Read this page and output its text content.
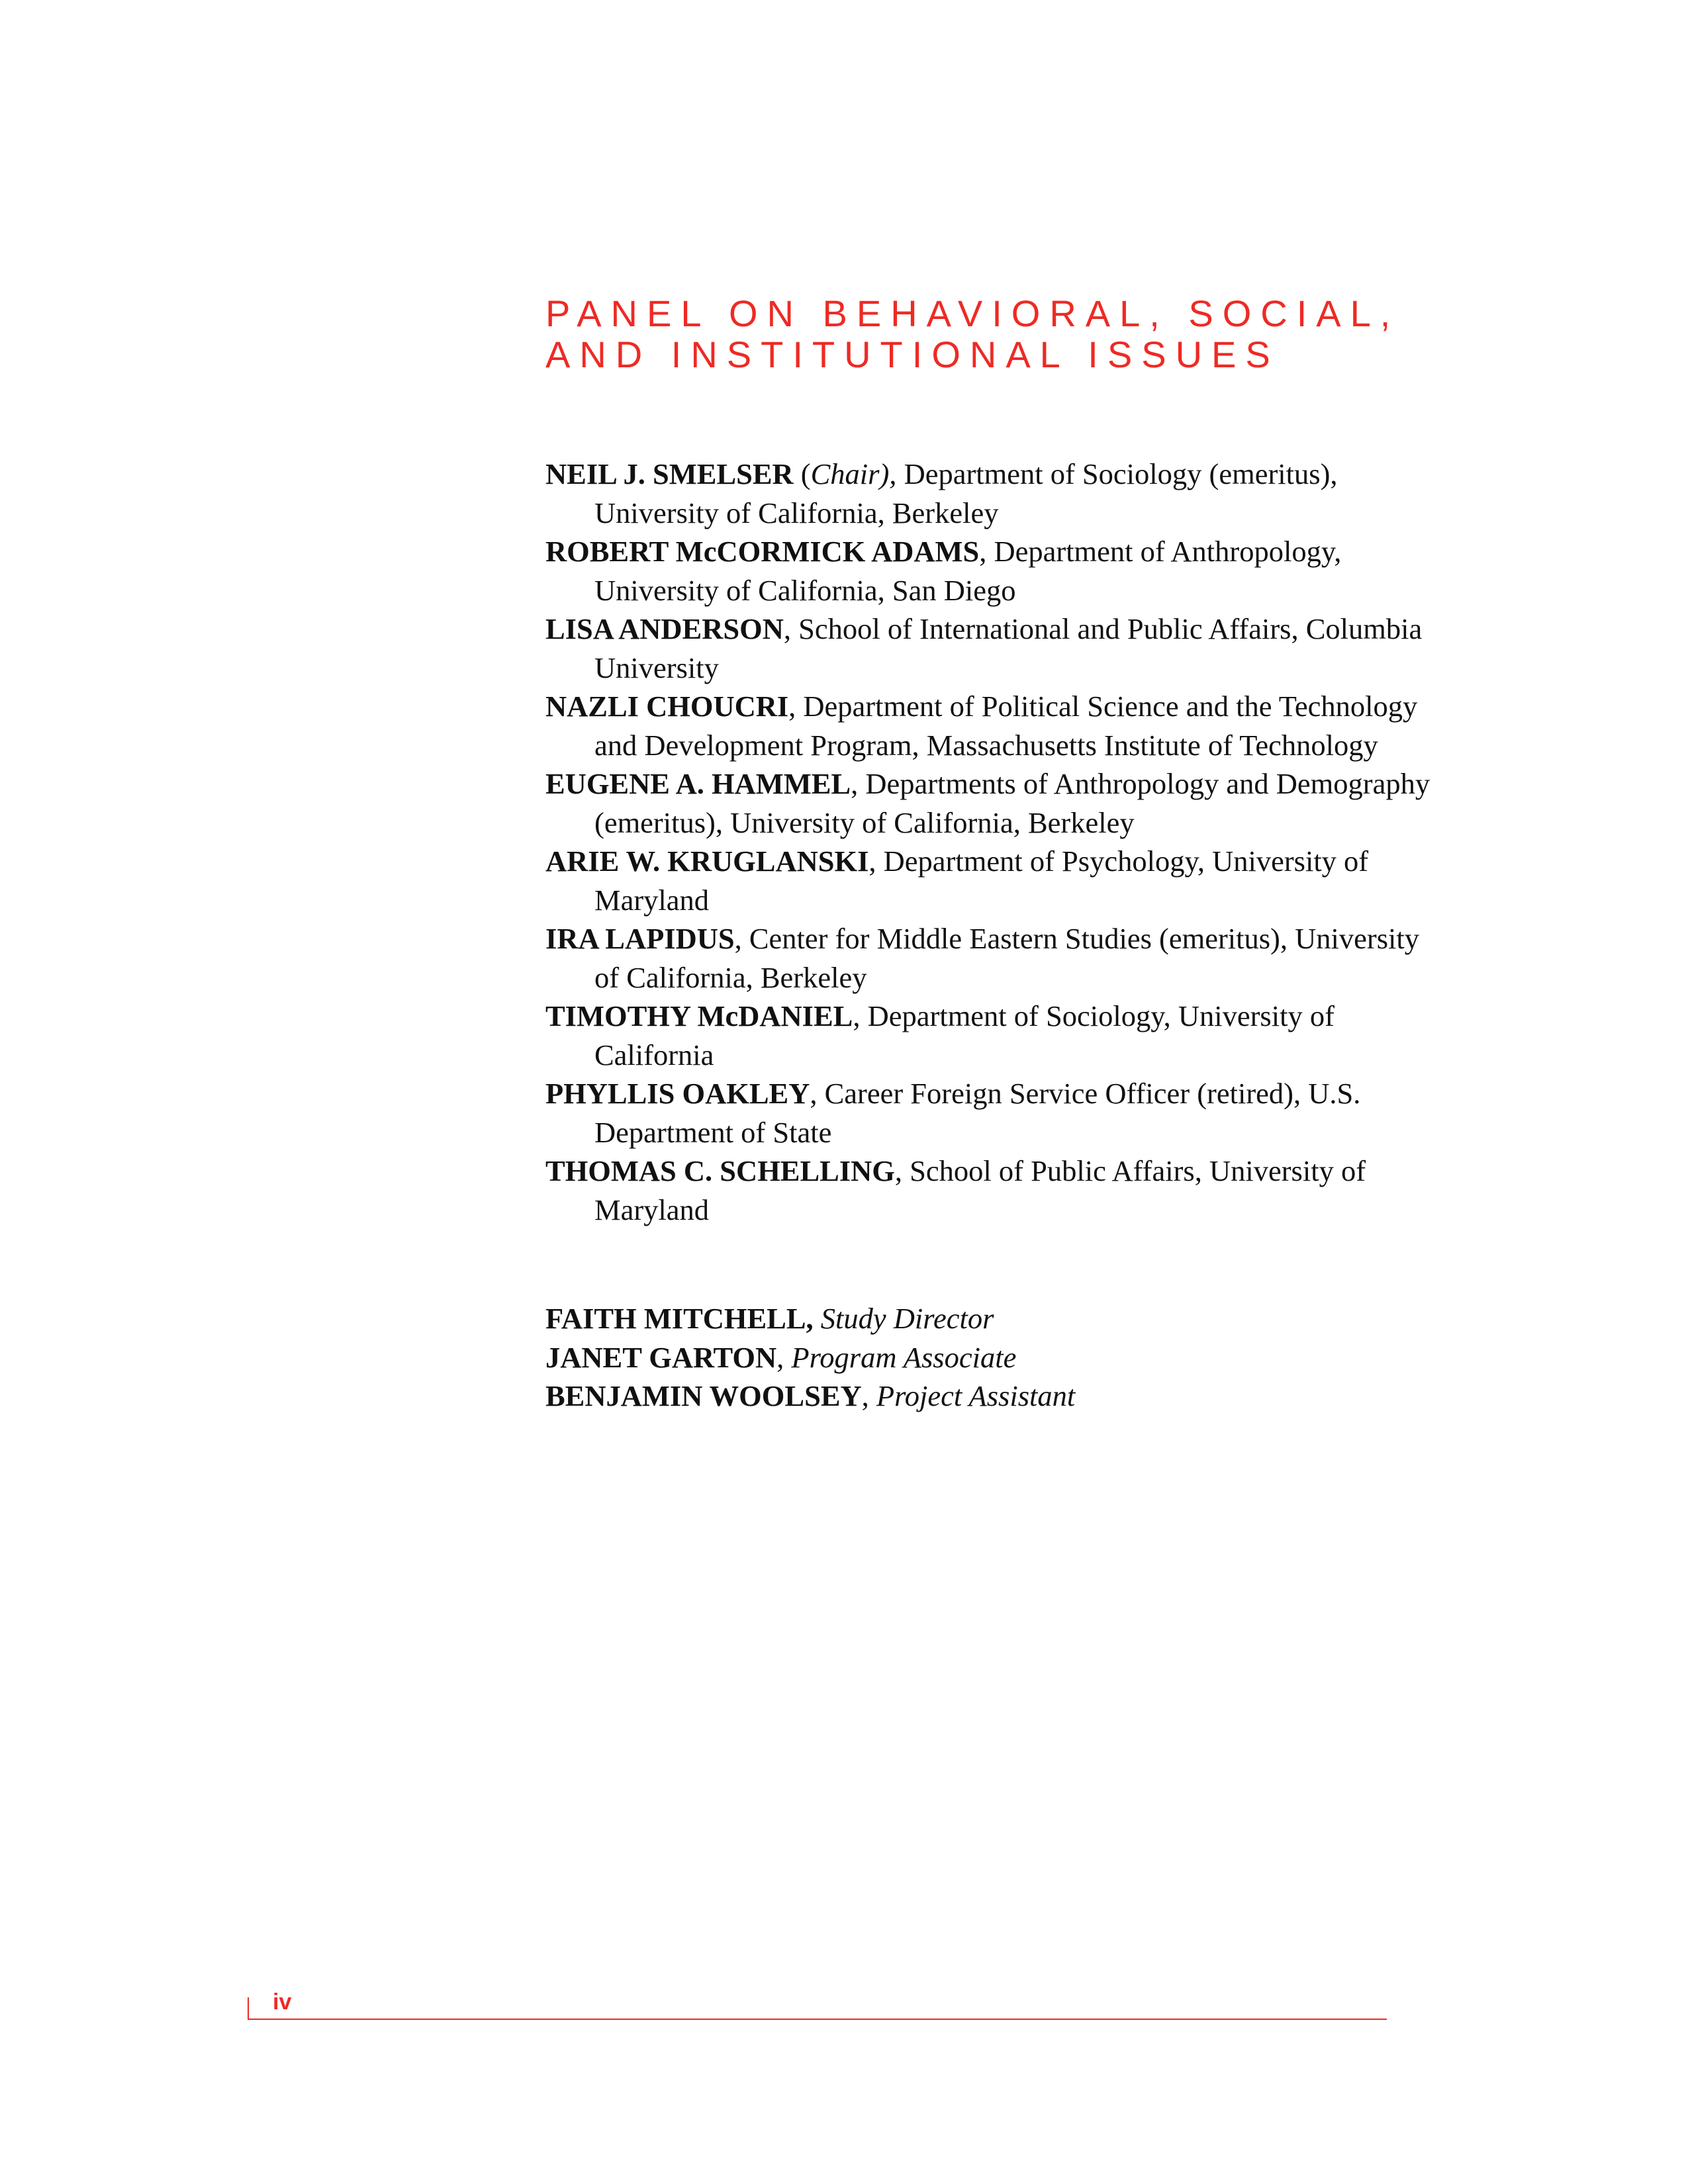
PANEL ON BEHAVIORAL, SOCIAL,
AND INSTITUTIONAL ISSUES

NEIL J. SMELSER (Chair), Department of Sociology (emeritus), University of California, Berkeley

ROBERT McCORMICK ADAMS, Department of Anthropology, University of California, San Diego

LISA ANDERSON, School of International and Public Affairs, Columbia University

NAZLI CHOUCRI, Department of Political Science and the Technology and Development Program, Massachusetts Institute of Technology

EUGENE A. HAMMEL, Departments of Anthropology and Demography (emeritus), University of California, Berkeley

ARIE W. KRUGLANSKI, Department of Psychology, University of Maryland

IRA LAPIDUS, Center for Middle Eastern Studies (emeritus), University of California, Berkeley

TIMOTHY McDANIEL, Department of Sociology, University of California

PHYLLIS OAKLEY, Career Foreign Service Officer (retired), U.S. Department of State

THOMAS C. SCHELLING, School of Public Affairs, University of Maryland

FAITH MITCHELL, Study Director

JANET GARTON, Program Associate

BENJAMIN WOOLSEY, Project Assistant

iv
